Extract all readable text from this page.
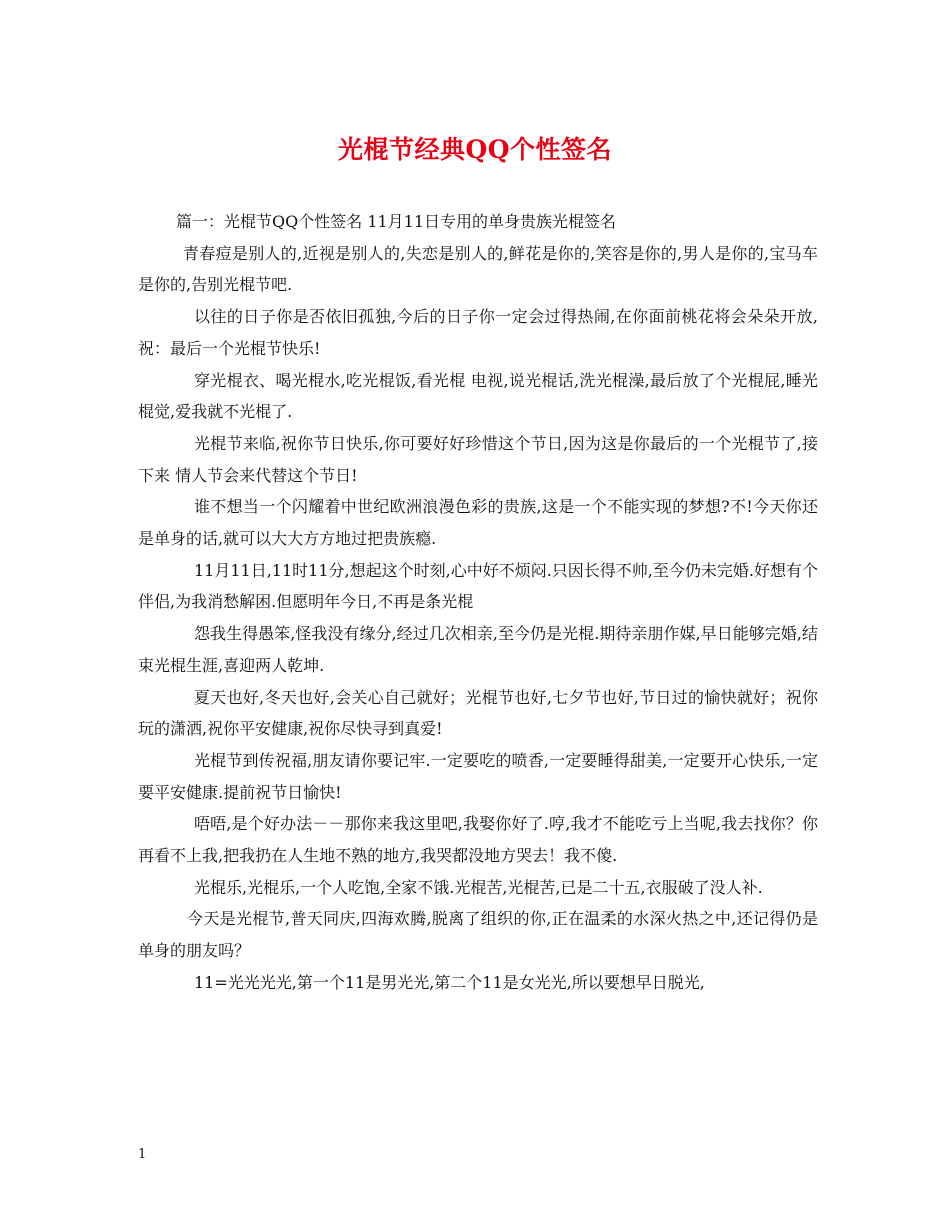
光棍节经典QQ个性签名

篇一：光棍节QQ个性签名 11月11日专用的单身贵族光棍签名

青春痘是别人的,近视是别人的,失恋是别人的,鲜花是你的,笑容是你的,男人是你的,宝马车是你的,告别光棍节吧.

以往的日子你是否依旧孤独,今后的日子你一定会过得热闹,在你面前桃花将会朵朵开放,祝：最后一个光棍节快乐!

穿光棍衣、喝光棍水,吃光棍饭,看光棍 电视,说光棍话,洗光棍澡,最后放了个光棍屁,睡光棍觉,爱我就不光棍了.

光棍节来临,祝你节日快乐,你可要好好珍惜这个节日,因为这是你最后的一个光棍节了,接下来 情人节会来代替这个节日!

谁不想当一个闪耀着中世纪欧洲浪漫色彩的贵族,这是一个不能实现的梦想?不!今天你还是单身的话,就可以大大方方地过把贵族瘾.

11月11日,11时11分,想起这个时刻,心中好不烦闷.只因长得不帅,至今仍未完婚.好想有个伴侣,为我消愁解困.但愿明年今日,不再是条光棍

怨我生得愚笨,怪我没有缘分,经过几次相亲,至今仍是光棍.期待亲朋作媒,早日能够完婚,结束光棍生涯,喜迎两人乾坤.

夏天也好,冬天也好,会关心自己就好；光棍节也好,七夕节也好,节日过的愉快就好；祝你玩的潇洒,祝你平安健康,祝你尽快寻到真爱!

光棍节到传祝福,朋友请你要记牢.一定要吃的喷香,一定要睡得甜美,一定要开心快乐,一定要平安健康.提前祝节日愉快!

唔唔,是个好办法－－那你来我这里吧,我娶你好了.哼,我才不能吃亏上当呢,我去找你？你再看不上我,把我扔在人生地不熟的地方,我哭都没地方哭去！我不傻.

光棍乐,光棍乐,一个人吃饱,全家不饿.光棍苦,光棍苦,已是二十五,衣服破了没人补.

今天是光棍节,普天同庆,四海欢腾,脱离了组织的你,正在温柔的水深火热之中,还记得仍是单身的朋友吗？

11=光光光光,第一个11是男光光,第二个11是女光光,所以要想早日脱光,

1
